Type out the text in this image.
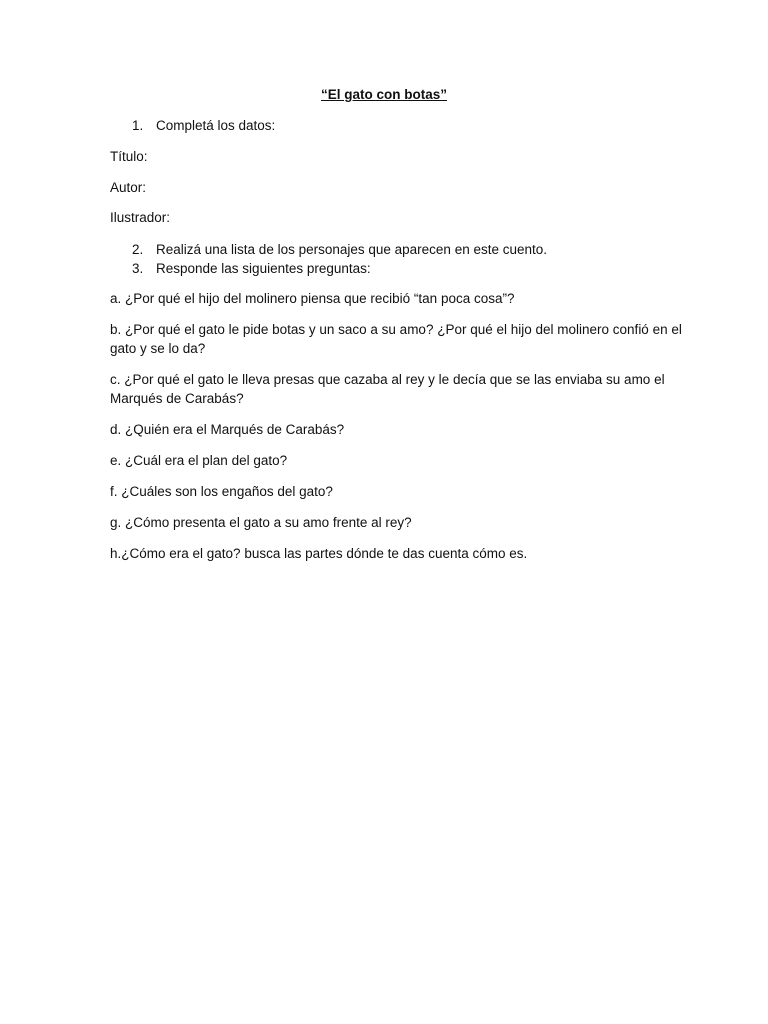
“El gato con botas”
1. Completá los datos:
Título:
Autor:
Ilustrador:
2. Realizá una lista de los personajes que aparecen en este cuento.
3. Responde las siguientes preguntas:
a. ¿Por qué el hijo del molinero piensa que recibió “tan poca cosa”?
b. ¿Por qué el gato le pide botas y un saco a su amo? ¿Por qué el hijo del molinero confió en el
gato y se lo da?
c. ¿Por qué el gato le lleva presas que cazaba al rey y le decía que se las enviaba su amo el
Marqués de Carabás?
d. ¿Quién era el Marqués de Carabás?
e. ¿Cuál era el plan del gato?
f. ¿Cuáles son los engaños del gato?
g. ¿Cómo presenta el gato a su amo frente al rey?
h.¿Cómo era el gato? busca las partes dónde te das cuenta cómo es.
